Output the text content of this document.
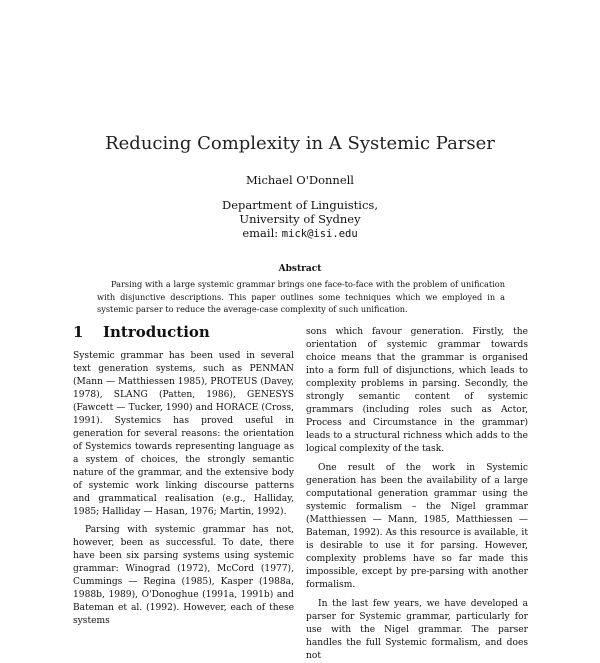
Reducing Complexity in A Systemic Parser
Michael O'Donnell
Department of Linguistics,
University of Sydney
email: mick@isi.edu
Abstract
Parsing with a large systemic grammar brings one face-to-face with the problem of unification with disjunctive descriptions. This paper outlines some techniques which we employed in a systemic parser to reduce the average-case complexity of such unification.
1 Introduction

Systemic grammar has been used in several text generation systems, such as PENMAN (Mann — Matthiessen 1985), PROTEUS (Davey, 1978), SLANG (Patten, 1986), GENESYS (Fawcett — Tucker, 1990) and HORACE (Cross, 1991). Systemics has proved useful in generation for several reasons: the orientation of Systemics towards representing language as a system of choices, the strongly semantic nature of the grammar, and the extensive body of systemic work linking discourse patterns and grammatical realisation (e.g., Halliday, 1985; Halliday — Hasan, 1976; Martin, 1992).

Parsing with systemic grammar has not, however, been as successful. To date, there have been six parsing systems using systemic grammar: Winograd (1972), McCord (1977), Cummings — Regina (1985), Kasper (1988a, 1988b, 1989), O'Donoghue (1991a, 1991b) and Bateman et al. (1992). However, each of these systems

sons which favour generation. Firstly, the orientation of systemic grammar towards choice means that the grammar is organised into a form full of disjunctions, which leads to complexity problems in parsing. Secondly, the strongly semantic content of systemic grammars (including roles such as Actor, Process and Circumstance in the grammar) leads to a structural richness which adds to the logical complexity of the task.

One result of the work in Systemic generation has been the availability of a large computational generation grammar using the systemic formalism – the Nigel grammar (Matthiessen — Mann, 1985, Matthiessen — Bateman, 1992). As this resource is available, it is desirable to use it for parsing. However, complexity problems have so far made this impossible, except by pre-parsing with another formalism.

In the last few years, we have developed a parser for Systemic grammar, particularly for use with the Nigel grammar. The parser handles the full Systemic formalism, and does not
